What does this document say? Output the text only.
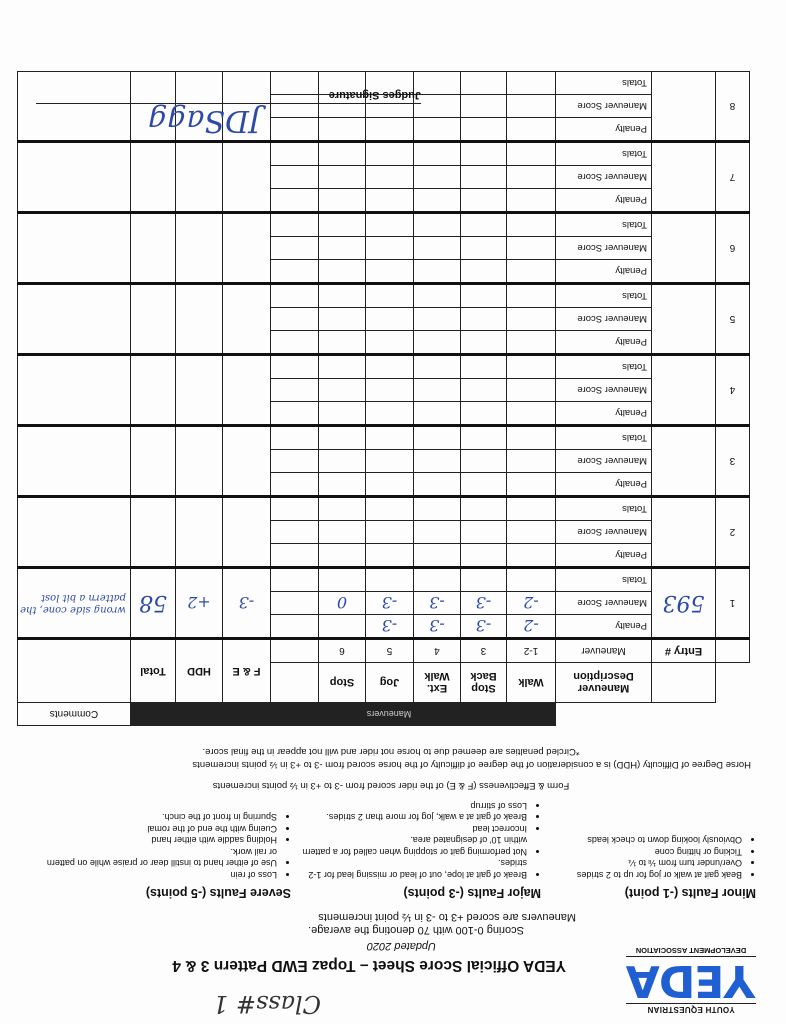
YOUTH EQUESTRIAN
YEDA
DEVELOPMENT ASSOCIATION
Class# 1
YEDA Official Score Sheet – Topaz EWD Pattern 3 & 4
Updated 2020
Scoring 0-100 with 70 denoting the average.
Maneuvers are scored +3 to -3 in ½ point increments
Minor Faults (-1 point)
• Beak gait at walk or jog for up to 2 strides
• Over/under turn from ⅛ to ¼
• Ticking or hitting cone
• Obviously looking down to check leads
Major Faults (-3 points)
• Break of gait at lope, out of lead or missing lead for 1-2 strides.
• Not performing gait or stopping when called for a pattern within 10' of designated area.
• Incorrect lead
• Break of gait at a walk, jog for more than 2 strides.
• Loss of stirrup
Severe Faults (-5 points)
• Loss of rein
• Use of either hand to instill dear or praise while on pattern or rail work.
• Holding saddle with either hand
• Cueing with the end of the romal
• Spurring in front of the cinch.
Form & Effectiveness (F & E) of the rider scored from -3 to +3 in ½ points increments
Horse Degree of Difficulty (HDD) is a consideration of the degree of difficulty of the horse scored from -3 to +3 in ½ points increments
*Circled penalties are deemed due to horse not rider and will not appear in the final score.
			Maneuvers									Comments
		Maneuver Description	Walk	Stop Back	Ext. Walk	Jog	Stop		F & E	HDD	Total	
	Entry #	Maneuver	1-2	3	4	5	6					
1	593	Penalty	-2	-3	-3	-3			-3	+2	58	wrong side cone, the pattern a bit lost
		Maneuver Score	-2	-3	-3	-3	0					
		Totals										
2		Penalty										
		Maneuver Score										
		Totals										
3		Penalty										
		Maneuver Score										
		Totals										
4		Penalty										
		Maneuver Score										
		Totals										
5		Penalty										
		Maneuver Score										
		Totals										
6		Penalty										
		Maneuver Score										
		Totals										
7		Penalty										
		Maneuver Score										
		Totals										
8		Penalty										
		Maneuver Score										
		Totals										
JDSagg
Judges Signature
